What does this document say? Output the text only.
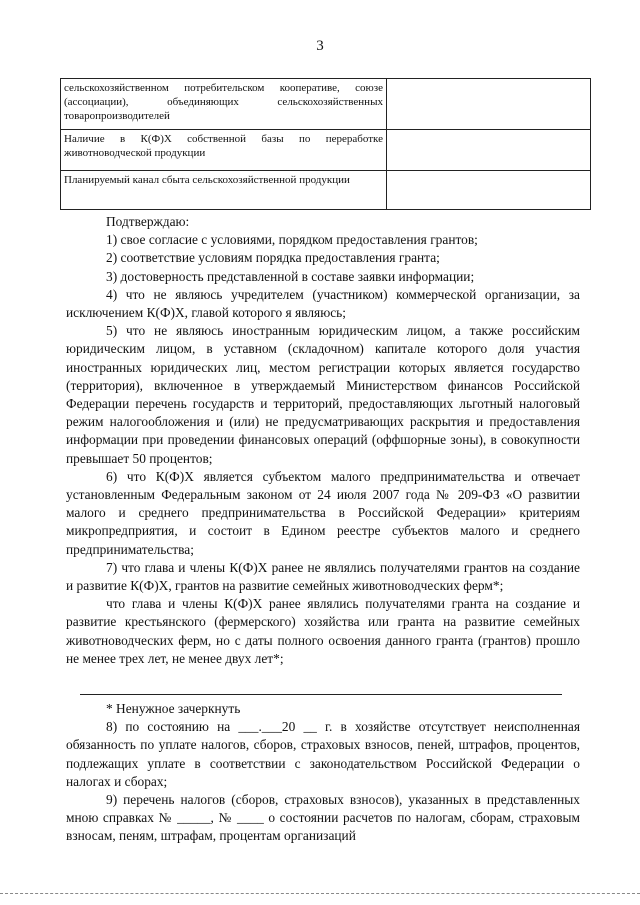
3
сельскохозяйственном потребительском кооперативе, союзе (ассоциации), объединяющих сельскохозяйственных товаропроизводителей	
Наличие в К(Ф)Х собственной базы по переработке животноводческой продукции	
Планируемый канал сбыта сельскохозяйственной продукции	

Подтверждаю:

1) свое согласие с условиями, порядком предоставления грантов;

2) соответствие условиям порядка предоставления гранта;

3) достоверность представленной в составе заявки информации;

4) что не являюсь учредителем (участником) коммерческой организации, за исключением К(Ф)Х, главой которого я являюсь;

5) что не являюсь иностранным юридическим лицом, а также российским юридическим лицом, в уставном (складочном) капитале которого доля участия иностранных юридических лиц, местом регистрации которых является государство (территория), включенное в утверждаемый Министерством финансов Российской Федерации перечень государств и территорий, предоставляющих льготный налоговый режим налогообложения и (или) не предусматривающих раскрытия и предоставления информации при проведении финансовых операций (оффшорные зоны), в совокупности превышает 50 процентов;

6) что К(Ф)Х является субъектом малого предпринимательства и отвечает установленным Федеральным законом от 24 июля 2007 года № 209-ФЗ «О развитии малого и среднего предпринимательства в Российской Федерации» критериям микропредприятия, и состоит в Едином реестре субъектов малого и среднего предпринимательства;

7) что глава и члены К(Ф)Х ранее не являлись получателями грантов на создание и развитие К(Ф)Х, грантов на развитие семейных животноводческих ферм*;

что глава и члены К(Ф)Х ранее являлись получателями гранта на создание и развитие крестьянского (фермерского) хозяйства или гранта на развитие семейных животноводческих ферм, но с даты полного освоения данного гранта (грантов) прошло не менее трех лет, не менее двух лет*;

* Ненужное зачеркнуть

8) по состоянию на ___.___20 __ г. в хозяйстве отсутствует неисполненная обязанность по уплате налогов, сборов, страховых взносов, пеней, штрафов, процентов, подлежащих уплате в соответствии с законодательством Российской Федерации о налогах и сборах;

9) перечень налогов (сборов, страховых взносов), указанных в представленных мною справках № _____, № ____ о состоянии расчетов по налогам, сборам, страховым взносам, пеням, штрафам, процентам организаций
